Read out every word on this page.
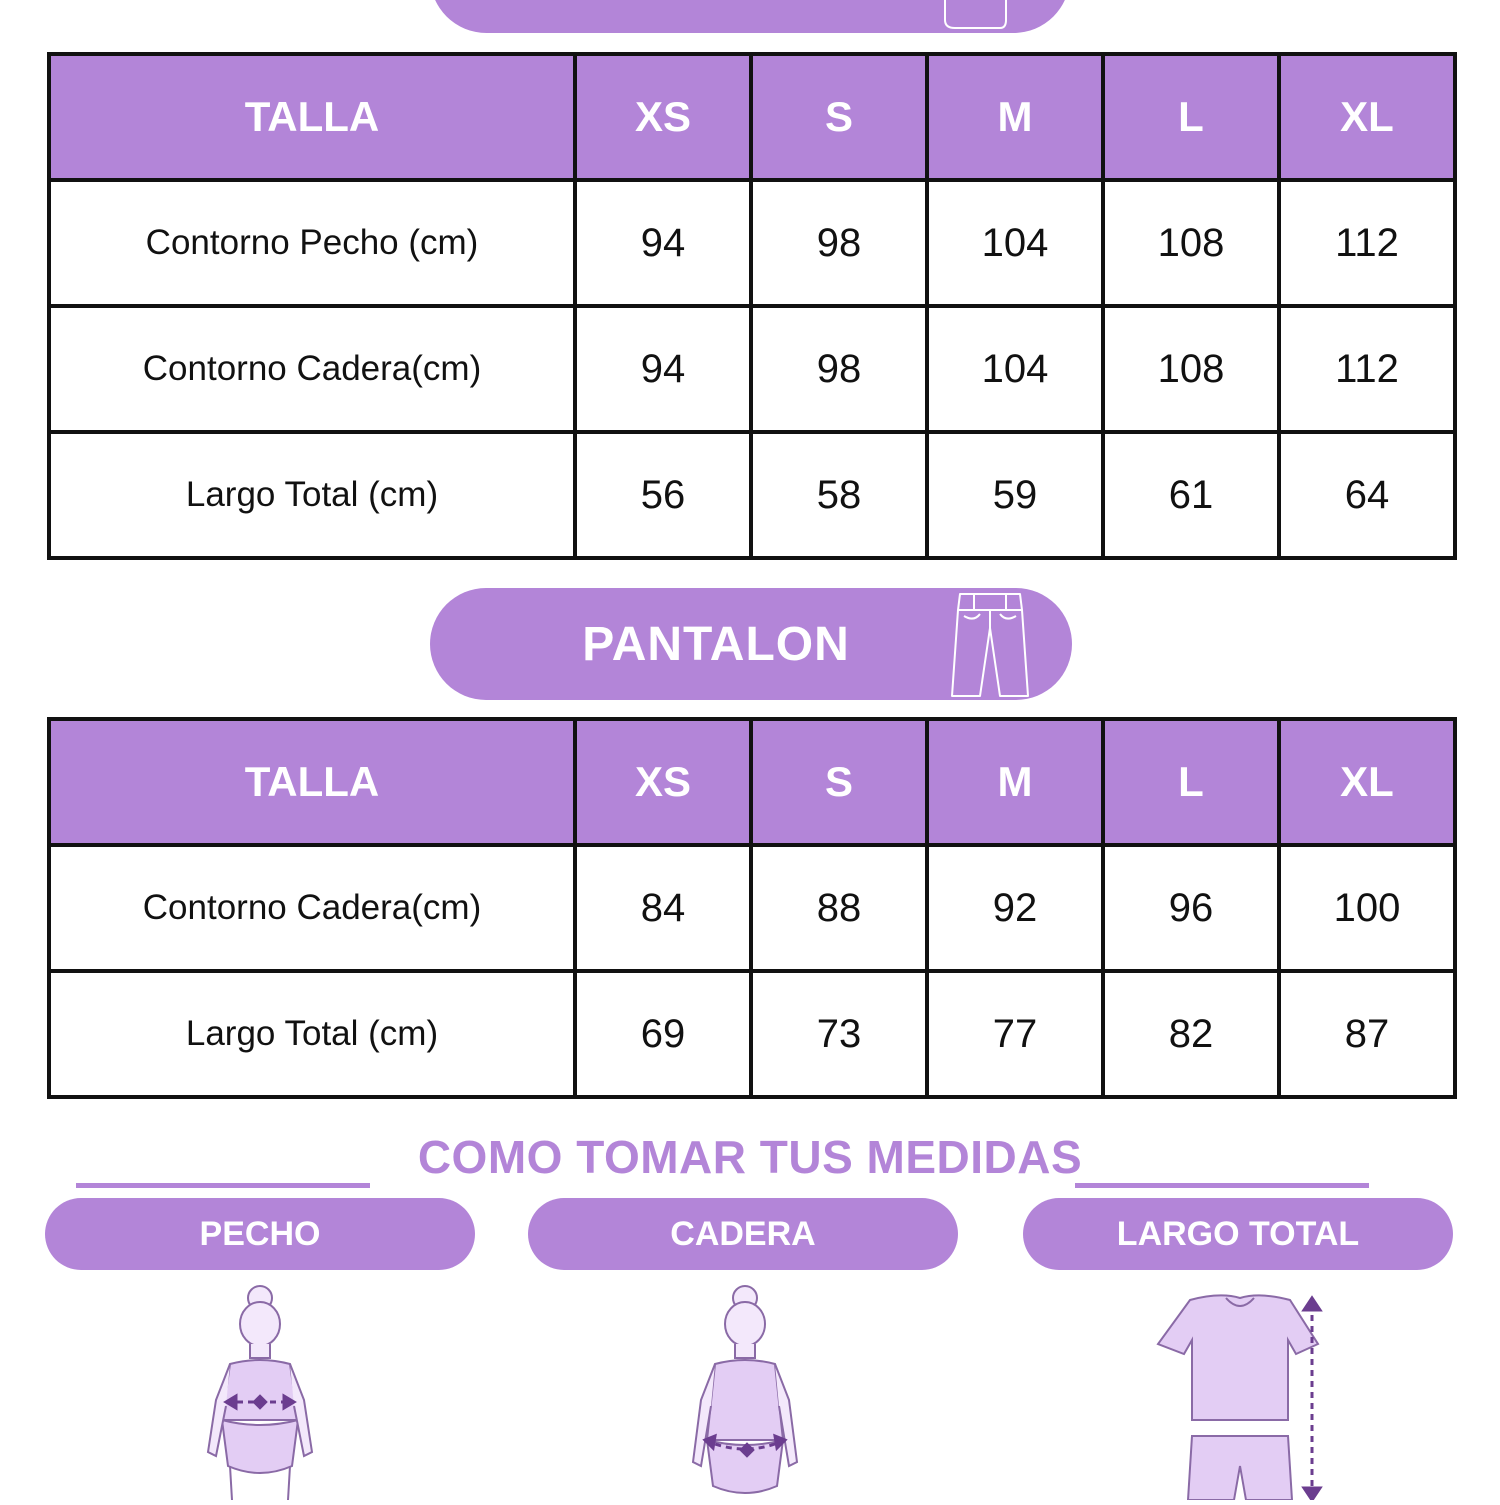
TALLA	XS	S	M	L	XL
Contorno Pecho (cm)	94	98	104	108	112
Contorno Cadera(cm)	94	98	104	108	112
Largo Total (cm)	56	58	59	61	64
PANTALON
TALLA	XS	S	M	L	XL
Contorno Cadera(cm)	84	88	92	96	100
Largo Total (cm)	69	73	77	82	87
COMO TOMAR TUS MEDIDAS
PECHO	CADERA	LARGO TOTAL
